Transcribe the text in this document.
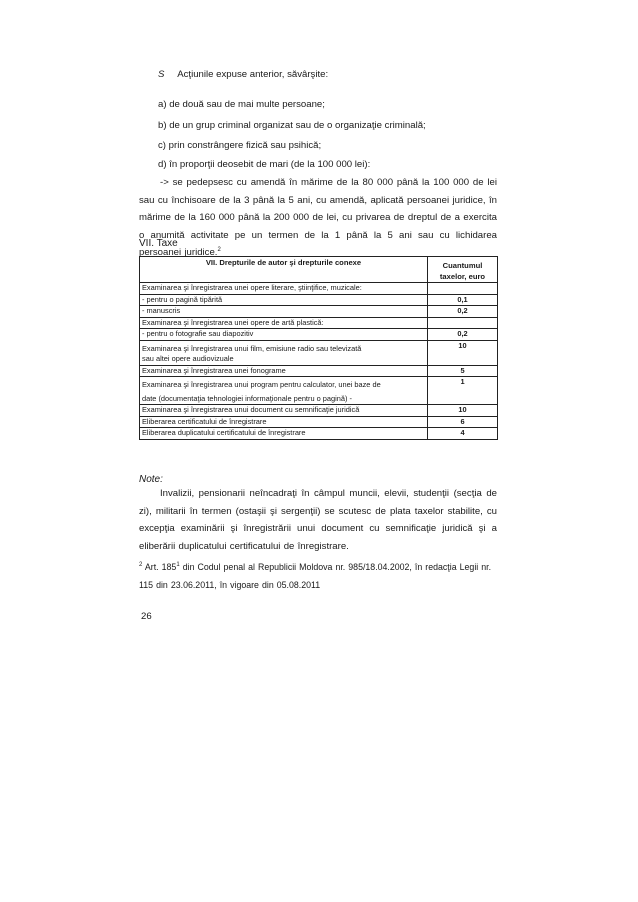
S Acţiunile expuse anterior, săvârşite:
a) de două sau de mai multe persoane;
b) de un grup criminal organizat sau de o organizaţie criminală;
c) prin constrângere fizică sau psihică;
d) în proporţii deosebit de mari (de la 100 000 lei):
-> se pedepsesc cu amendă în mărime de la 80 000 până la 100 000 de lei sau cu închisoare de la 3 până la 5 ani, cu amendă, aplicată persoanei juridice, în mărime de la 160 000 până la 200 000 de lei, cu privarea de dreptul de a exercita o anumită activitate pe un termen de la 1 până la 5 ani sau cu lichidarea persoanei juridice.$^2$
VII. Taxe
VII. Drepturile de autor şi drepturile conexe	Cuantumul
taxelor, euro
Examinarea şi înregistrarea unei opere literare, ştiinţifice, muzicale:	
- pentru o pagină tipărită	0,1
- manuscris	0,2
Examinarea şi înregistrarea unei opere de artă plastică:	
- pentru o fotografie sau diapozitiv	0,2

Examinarea şi înregistrarea unui film, emisiune radio sau televizată
sau altei opere audiovizuale	10
Examinarea şi înregistrarea unei fonograme	5

Examinarea şi înregistrarea unui program pentru calculator, unei baze de
date (documentaţia tehnologiei informaţionale pentru o pagină) -	1
Examinarea şi înregistrarea unui document cu semnificaţie juridică	10
Eliberarea certificatului de înregistrare	6
Eliberarea duplicatului certificatului de înregistrare	4
Note:
Invalizii, pensionarii neîncadraţi în câmpul muncii, elevii, studenţii (secţia de zi), militarii în termen (ostaşii şi sergenţii) se scutesc de plata taxelor stabilite, cu excepţia examinării şi înregistrării unui document cu semnificaţie juridică şi a eliberării duplicatului certificatului de înregistrare.
$^2$ Art. $185^1$ din Codul penal al Republicii Moldova nr. 985/18.04.2002, în redacţia Legii nr. 115 din 23.06.2011, în vigoare din 05.08.2011
26
